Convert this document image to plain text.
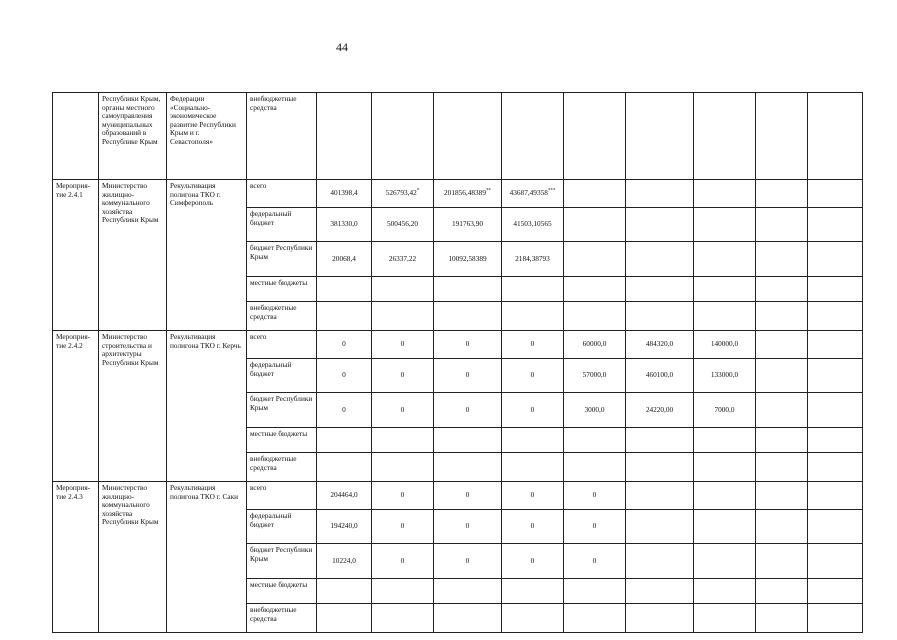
44
	Республики Крым, органы местного самоуправления муниципальных образований в Республике Крым	Федерации «Социально-экономическое развитие Республики Крым и г. Севастополя»	внебюджетные средства										
Мероприя-тие 2.4.1	Министерство жилищно-коммунального хозяйства Республики Крым	Рекультивация полигона ТКО г. Симферополь	всего	401398,4	526793,42*	201856,48389**	43687,49358***						
			федеральный бюджет	381330,0	500456,20	191763,90	41503,10565						
			бюджет Республики Крым	20068,4	26337,22	10092,58389	2184,38793						
			местные бюджеты										
			внебюджетные средства										
Мероприя-тие 2.4.2	Министерство строительства и архитектуры Республики Крым	Рекультивация полигона ТКО г. Керчь	всего	0	0	0	0	60000,0	484320,0	140000,0			
			федеральный бюджет	0	0	0	0	57000,0	460100,0	133000,0			
			бюджет Республики Крым	0	0	0	0	3000,0	24220,00	7000,0			
			местные бюджеты										
			внебюджетные средства										
Мероприя-тие 2.4.3	Министерство жилищно-коммунального хозяйства Республики Крым	Рекультивация полигона ТКО г. Саки	всего	204464,0	0	0	0	0					
			федеральный бюджет	194240,0	0	0	0	0					
			бюджет Республики Крым	10224,0	0	0	0	0					
			местные бюджеты										
			внебюджетные средства										
